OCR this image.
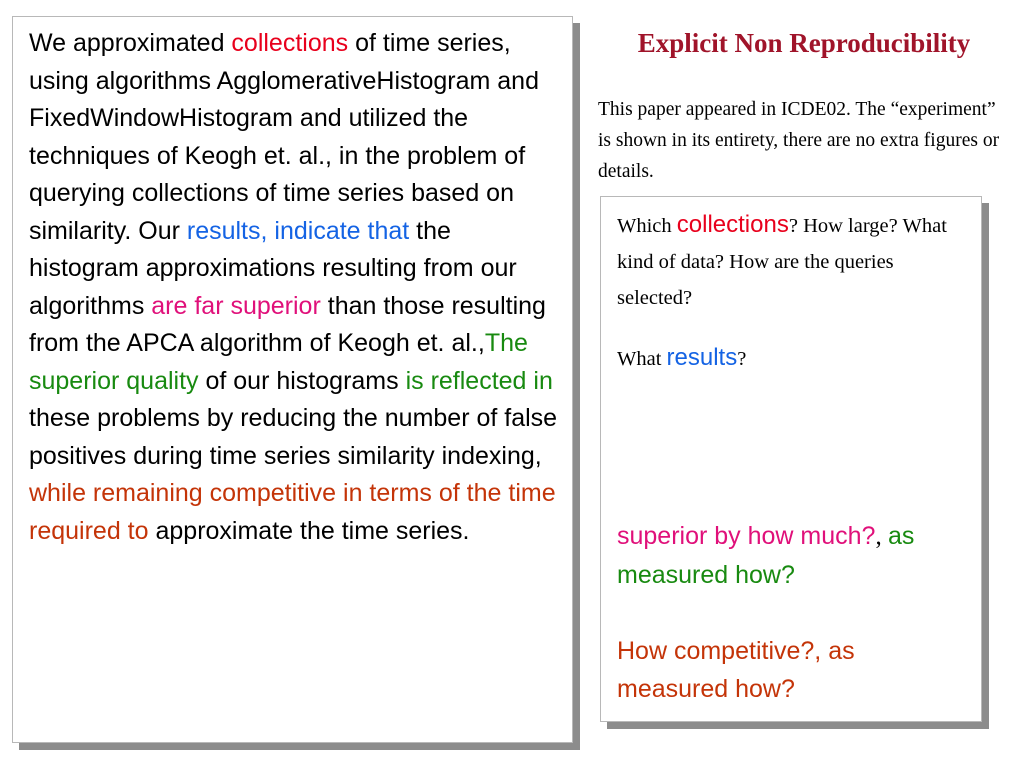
We approximated collections of time series, using algorithms AgglomerativeHistogram and FixedWindowHistogram and utilized the techniques of Keogh et. al., in the problem of querying collections of time series based on similarity. Our results, indicate that the histogram approximations resulting from our algorithms are far superior than those resulting from the APCA algorithm of Keogh et. al.,The superior quality of our histograms is reflected in these problems by reducing the number of false positives during time series similarity indexing, while remaining competitive in terms of the time required to approximate the time series.

Explicit Non Reproducibility

This paper appeared in ICDE02. The “experiment” is shown in its entirety, there are no extra figures or details.

Which collections? How large? What kind of data? How are the queries selected?

What results?

superior by how much?, as measured how?

How competitive?, as measured how?
